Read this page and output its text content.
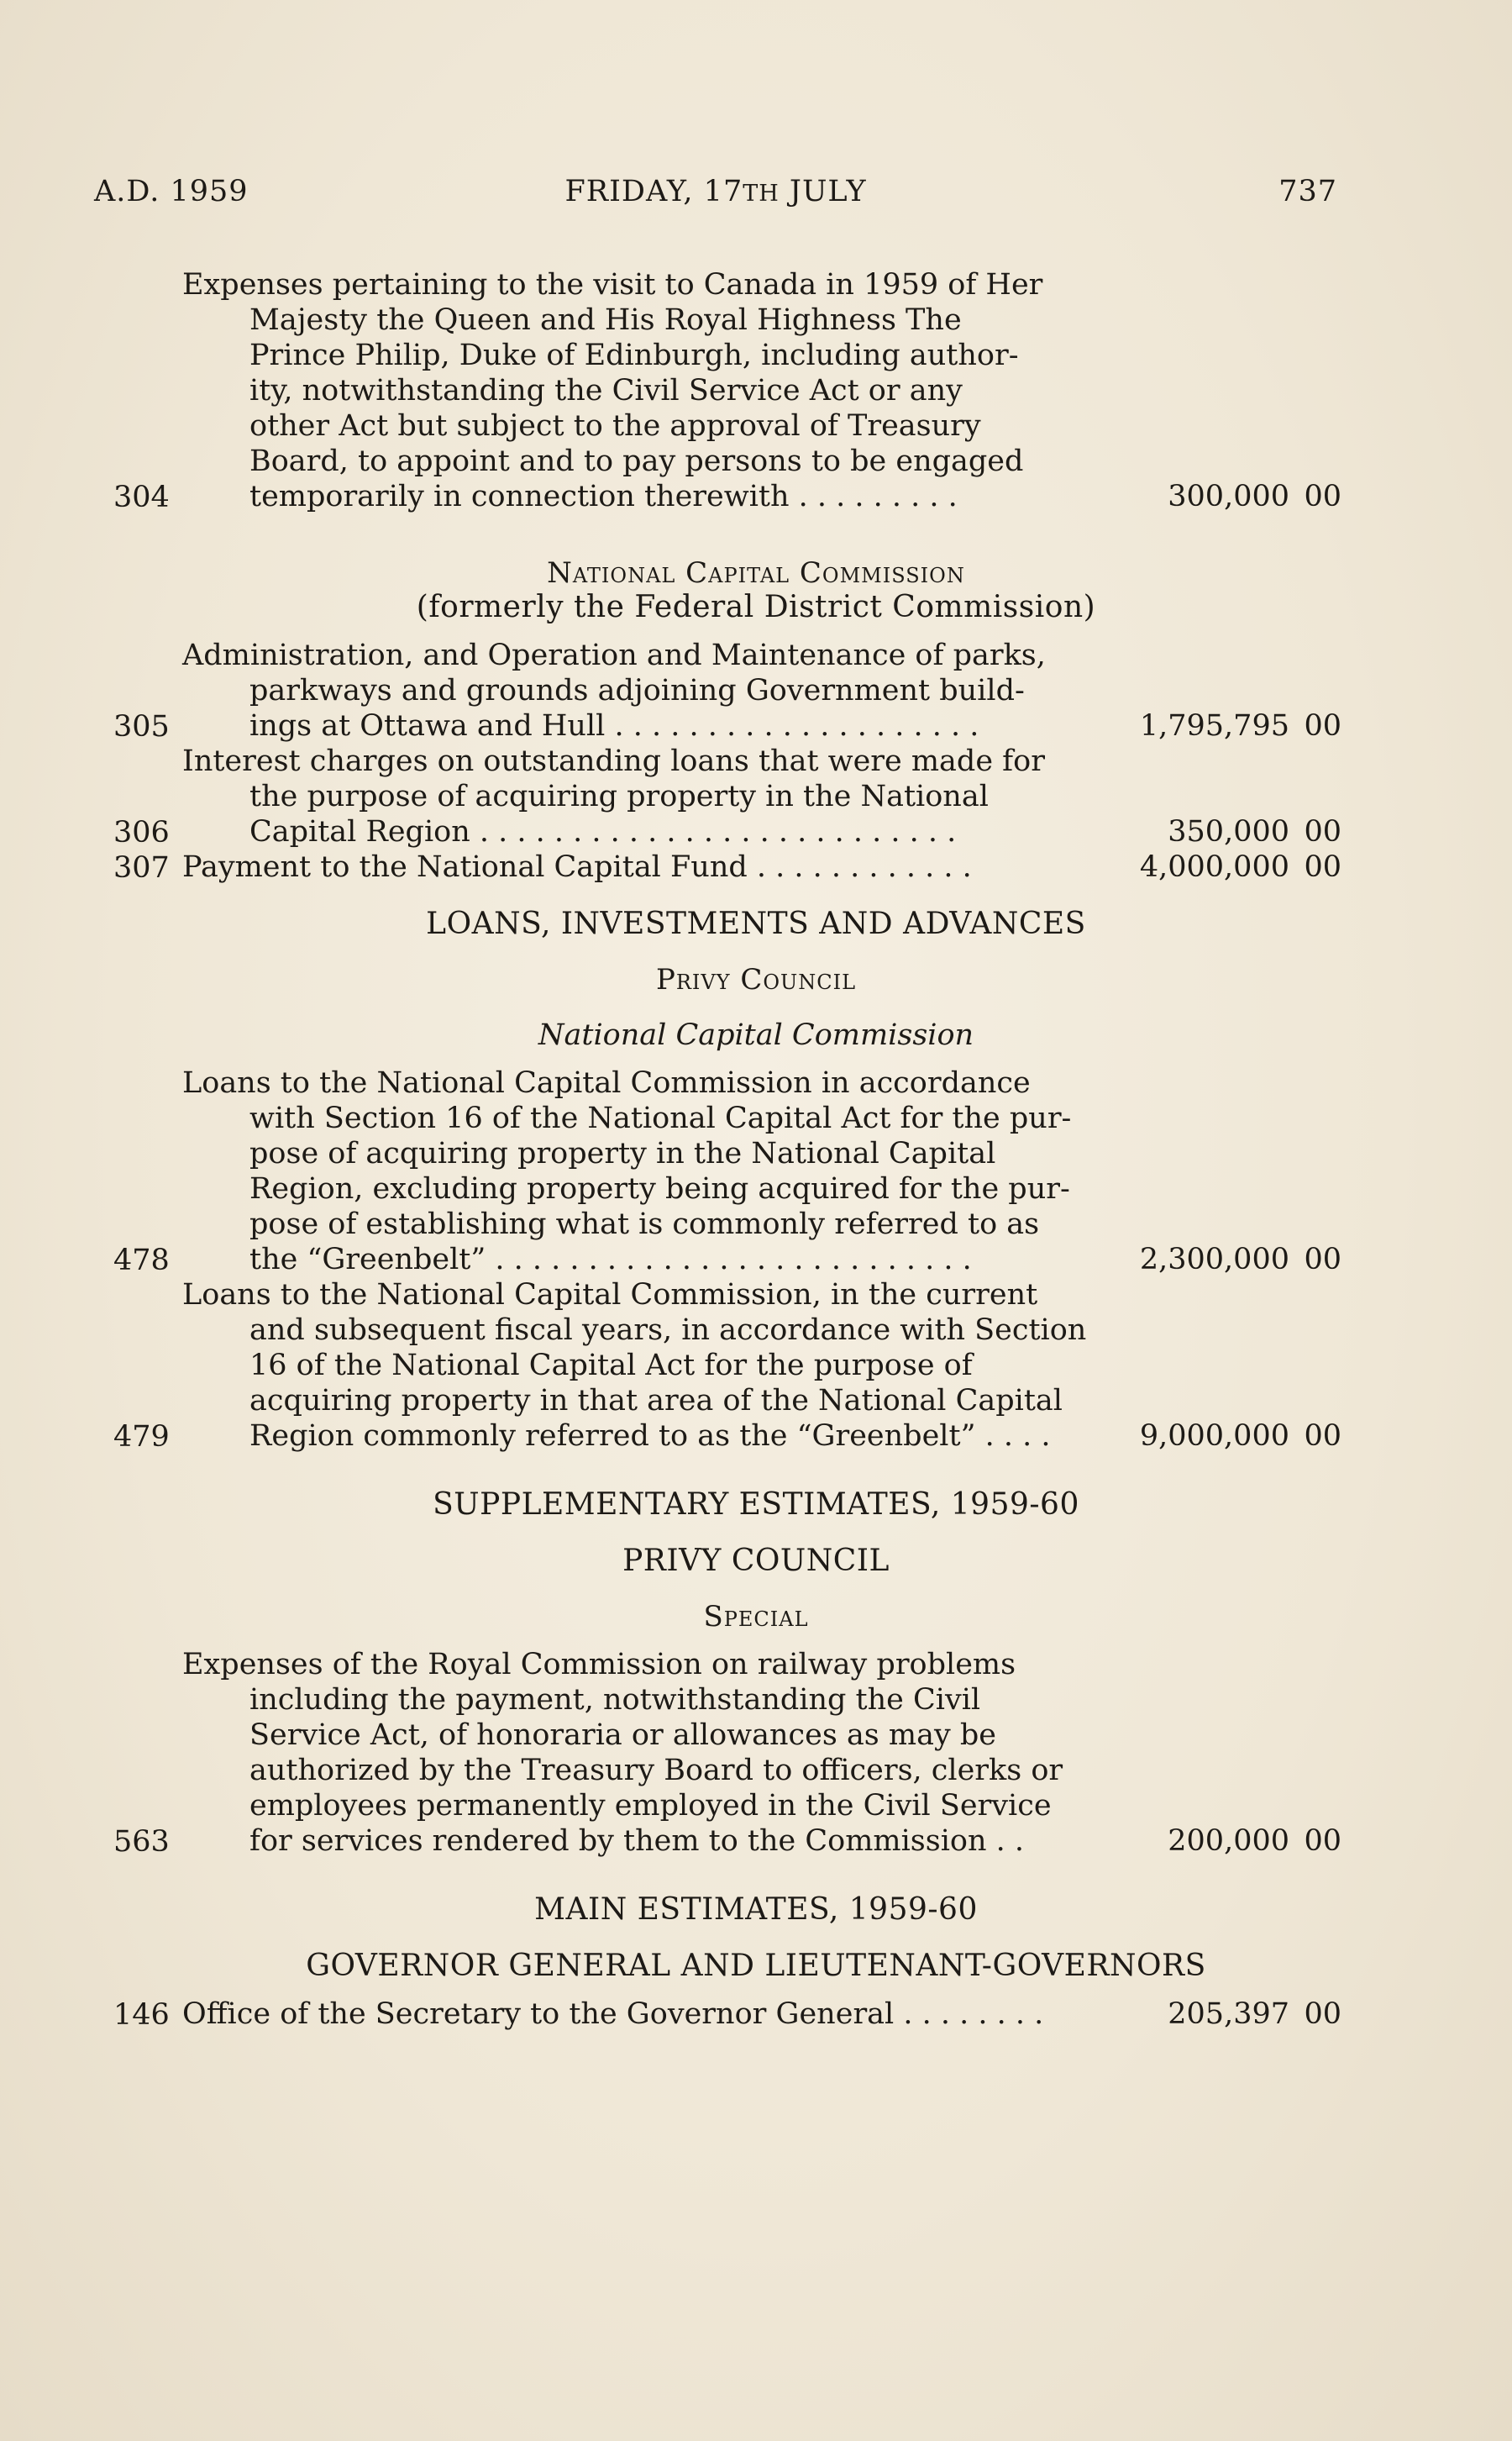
A.D. 1959	FRIDAY, 17TH JULY	737
304
Expenses pertaining to the visit to Canada in 1959 of Her
Majesty the Queen and His Royal Highness The
Prince Philip, Duke of Edinburgh, including author-
ity, notwithstanding the Civil Service Act or any
other Act but subject to the approval of Treasury
Board, to appoint and to pay persons to be engaged
temporarily in connection therewith . . . . . . . . .	300,000 00
National Capital Commission
(formerly the Federal District Commission)
305
Administration, and Operation and Maintenance of parks,
parkways and grounds adjoining Government build-
ings at Ottawa and Hull . . . . . . . . . . . . . . . . . . . .	1,795,795 00
306
Interest charges on outstanding loans that were made for
the purpose of acquiring property in the National
Capital Region . . . . . . . . . . . . . . . . . . . . . . . . . .	350,000 00
307 Payment to the National Capital Fund . . . . . . . . . . . .	4,000,000 00
LOANS, INVESTMENTS AND ADVANCES
Privy Council
National Capital Commission
478
Loans to the National Capital Commission in accordance
with Section 16 of the National Capital Act for the pur-
pose of acquiring property in the National Capital
Region, excluding property being acquired for the pur-
pose of establishing what is commonly referred to as
the “Greenbelt” . . . . . . . . . . . . . . . . . . . . . . . . . .	2,300,000 00
479
Loans to the National Capital Commission, in the current
and subsequent fiscal years, in accordance with Section
16 of the National Capital Act for the purpose of
acquiring property in that area of the National Capital
Region commonly referred to as the “Greenbelt” . . . .	9,000,000 00
SUPPLEMENTARY ESTIMATES, 1959-60
PRIVY COUNCIL
Special
563
Expenses of the Royal Commission on railway problems
including the payment, notwithstanding the Civil
Service Act, of honoraria or allowances as may be
authorized by the Treasury Board to officers, clerks or
employees permanently employed in the Civil Service
for services rendered by them to the Commission . .	200,000 00
MAIN ESTIMATES, 1959-60
GOVERNOR GENERAL AND LIEUTENANT-GOVERNORS
146 Office of the Secretary to the Governor General . . . . . . . .	205,397 00
